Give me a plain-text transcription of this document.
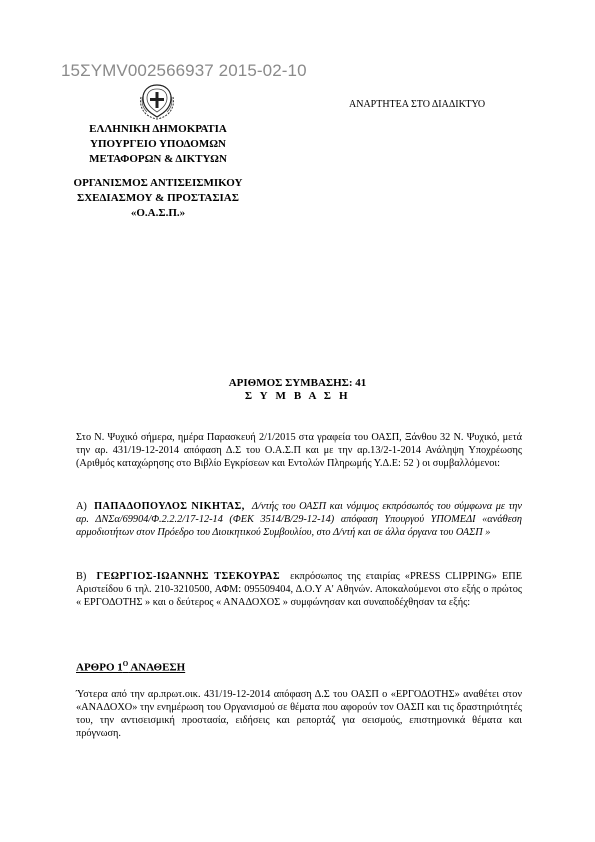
15ΣΥΜV002566937 2015-02-10
ΑΝΑΡΤΗΤΕΑ ΣΤΟ ΔΙΑΔΙΚΤΥΟ
ΕΛΛΗΝΙΚΗ ΔΗΜΟΚΡΑΤΙΑ
ΥΠΟΥΡΓΕΙΟ ΥΠΟΔΟΜΩΝ
ΜΕΤΑΦΟΡΩΝ & ΔΙΚΤΥΩΝ
ΟΡΓΑΝΙΣΜΟΣ ΑΝΤΙΣΕΙΣΜΙΚΟΥ
ΣΧΕΔΙΑΣΜΟΥ & ΠΡΟΣΤΑΣΙΑΣ
«Ο.Α.Σ.Π.»
ΑΡΙΘΜΟΣ ΣΥΜΒΑΣΗΣ: 41
Σ Υ Μ Β Α Σ Η
Στο Ν. Ψυχικό σήμερα, ημέρα Παρασκευή 2/1/2015 στα γραφεία του ΟΑΣΠ, Ξάνθου 32 Ν. Ψυχικό, μετά την αρ. 431/19-12-2014 απόφαση Δ.Σ του Ο.Α.Σ.Π και με την αρ.13/2-1-2014 Ανάληψη Υποχρέωσης (Αριθμός καταχώρησης στο Βιβλίο Εγκρίσεων και Εντολών Πληρωμής Υ.Δ.Ε: 52 ) οι συμβαλλόμενοι:
Α) ΠΑΠΑΔΟΠΟΥΛΟΣ ΝΙΚΗΤΑΣ, Δ/ντής του ΟΑΣΠ και νόμιμος εκπρόσωπός του σύμφωνα με την αρ. ΔΝΣα/69904/Φ.2.2.2/17-12-14 (ΦΕΚ 3514/Β/29-12-14) απόφαση Υπουργού ΥΠΟΜΕΔΙ «ανάθεση αρμοδιοτήτων στον Πρόεδρο του Διοικητικού Συμβουλίου, στο Δ/ντή και σε άλλα όργανα του ΟΑΣΠ »
Β) ΓΕΩΡΓΙΟΣ-ΙΩΑΝΝΗΣ ΤΣΕΚΟΥΡΑΣ εκπρόσωπος της εταιρίας «PRESS CLIPPING» ΕΠΕ Αριστείδου 6 τηλ. 210-3210500, ΑΦΜ: 095509404, Δ.Ο.Υ Α' Αθηνών. Αποκαλούμενοι στο εξής ο πρώτος « ΕΡΓΟΔΟΤΗΣ » και ο δεύτερος « ΑΝΑΔΟΧΟΣ » συμφώνησαν και συναποδέχθησαν τα εξής:
ΑΡΘΡΟ $1^O$ ΑΝΑΘΕΣΗ
Ύστερα από την αρ.πρωτ.οικ. 431/19-12-2014 απόφαση Δ.Σ του ΟΑΣΠ ο «ΕΡΓΟΔΟΤΗΣ» αναθέτει στον «ΑΝΑΔΟΧΟ» την ενημέρωση του Οργανισμού σε θέματα που αφορούν τον ΟΑΣΠ και τις δραστηριότητές του, την αντισεισμική προστασία, ειδήσεις και ρεπορτάζ για σεισμούς, επιστημονικά θέματα και πρόγνωση.
